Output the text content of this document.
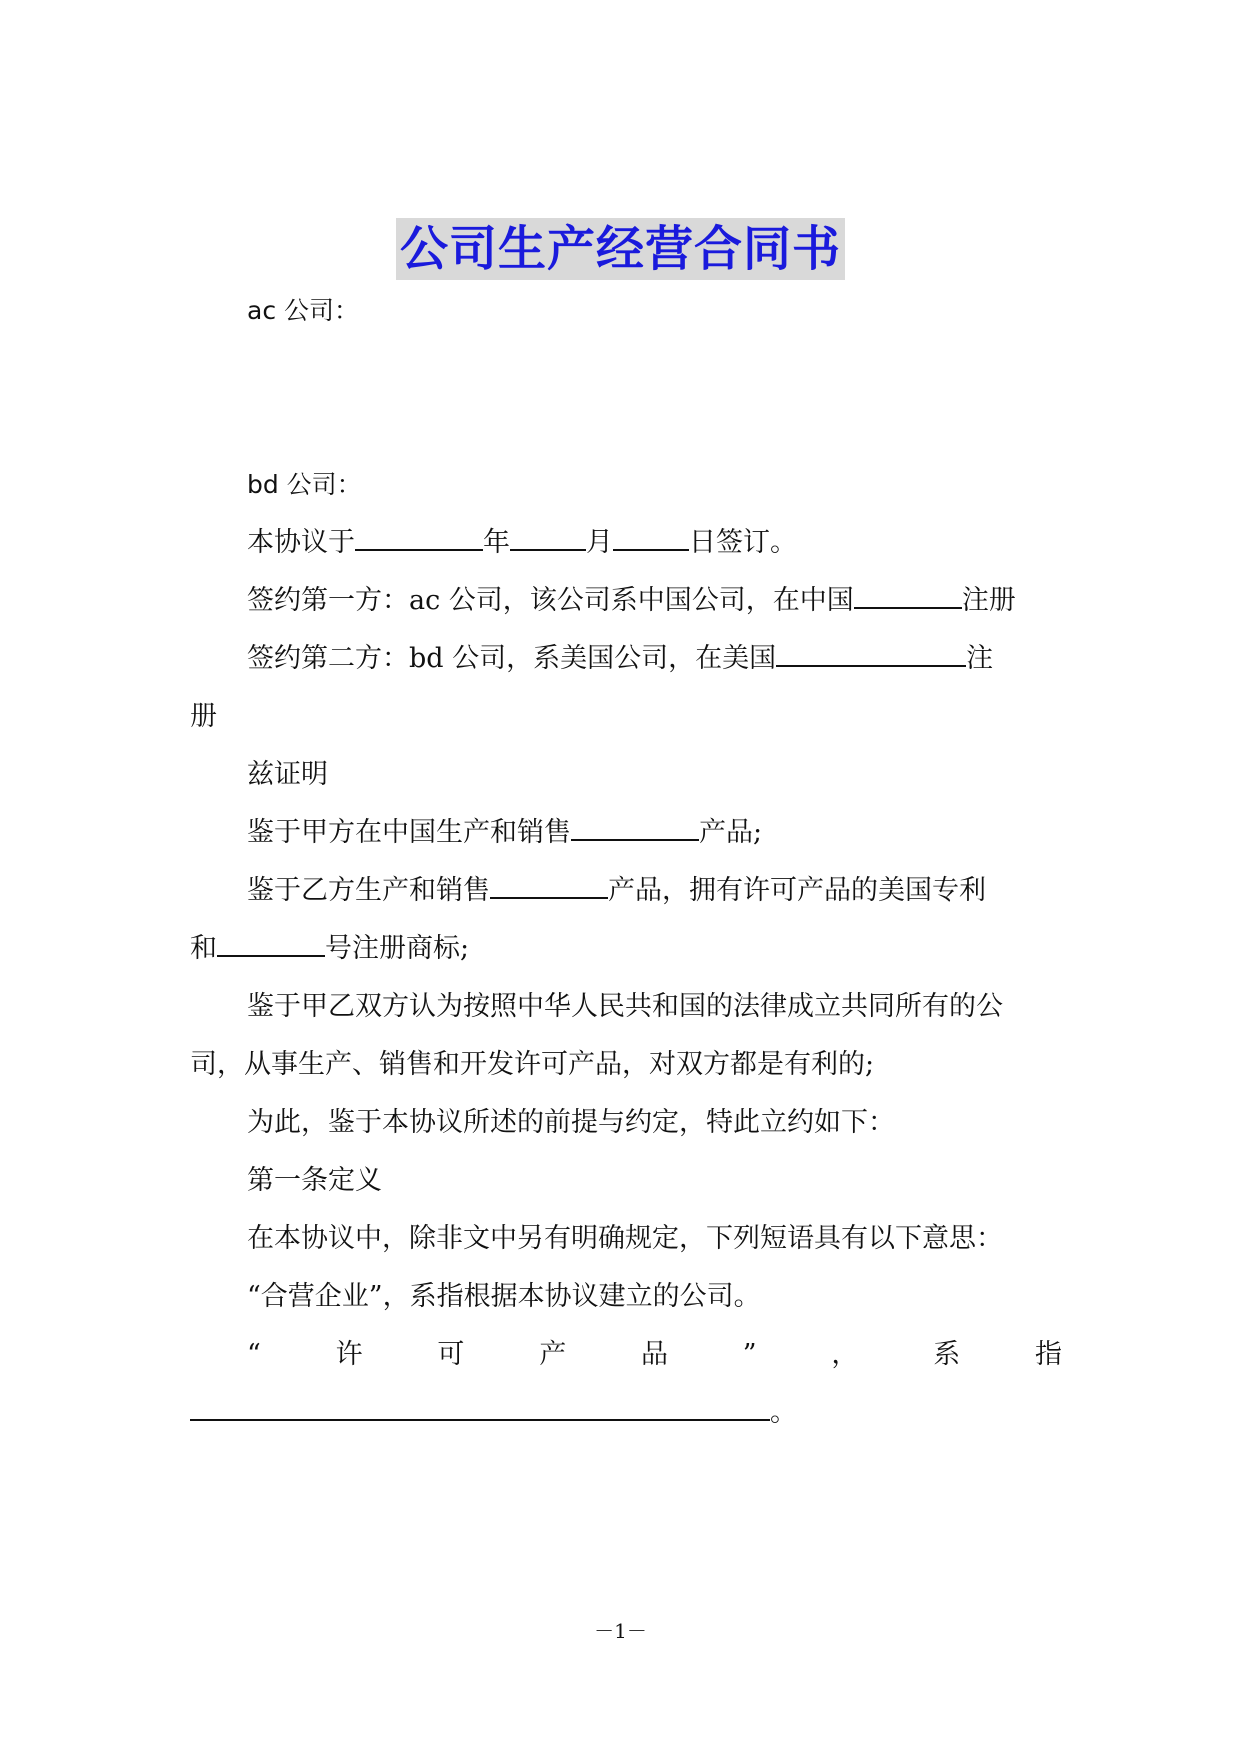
公司生产经营合同书
ac 公司：
bd 公司：
本协议于	年	月	日签订。
签约第一方：ac 公司，该公司系中国公司，在中国	注册
签约第二方：bd 公司，系美国公司，在美国	注
册
兹证明
鉴于甲方在中国生产和销售	产品;
鉴于乙方生产和销售	产品，拥有许可产品的美国专利
和	号注册商标;
鉴于甲乙双方认为按照中华人民共和国的法律成立共同所有的公
司，从事生产、销售和开发许可产品，对双方都是有利的;
为此，鉴于本协议所述的前提与约定，特此立约如下：
第一条定义
在本协议中，除非文中另有明确规定，下列短语具有以下意思：
“合营企业”，系指根据本协议建立的公司。
“	许	可	产	品	”	，	系	指
。
－1－
